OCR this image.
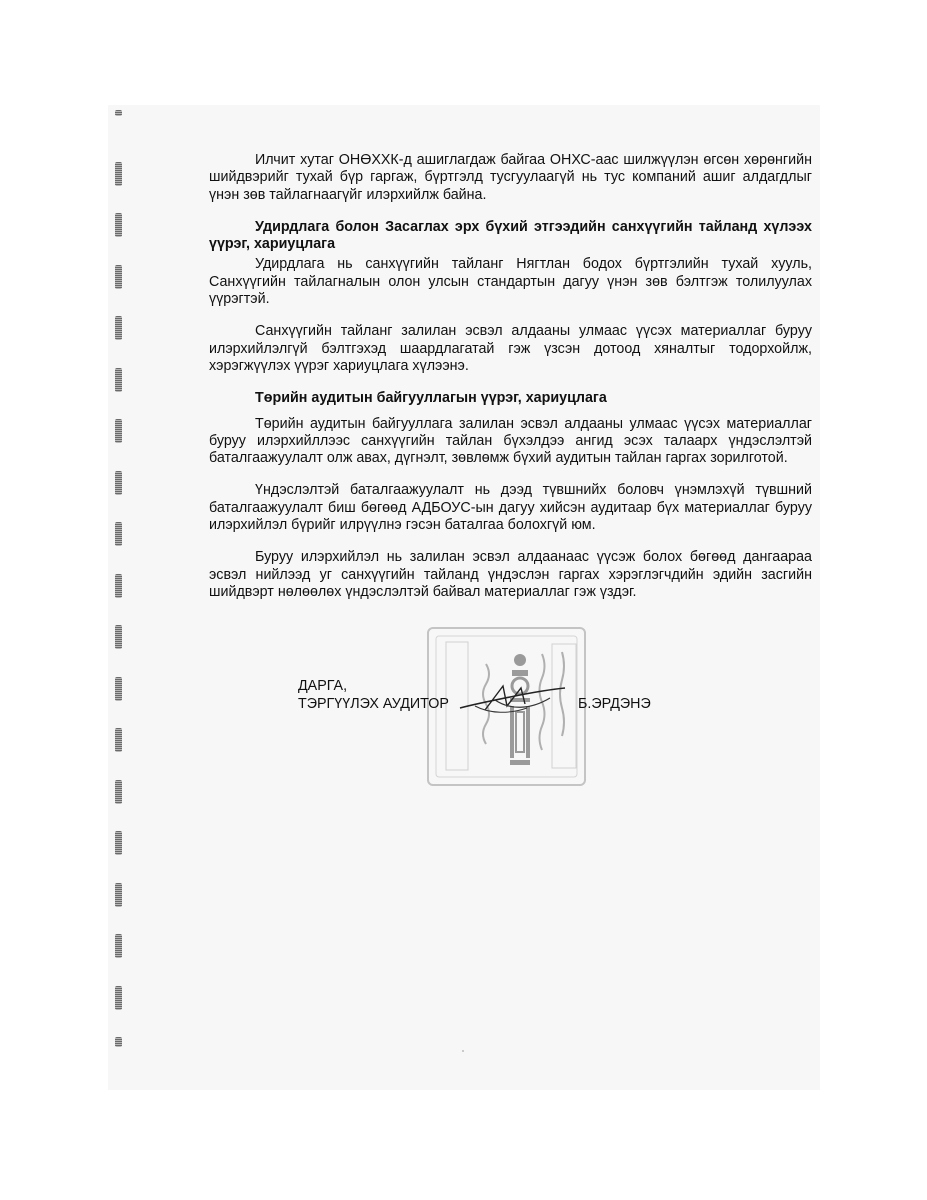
Илчит хутаг ОНӨХХК-д ашиглагдаж байгаа ОНХС-аас шилжүүлэн өгсөн хөрөнгийн шийдвэрийг тухай бүр гаргаж, бүртгэлд тусгуулаагүй нь тус компаний ашиг алдагдлыг үнэн зөв тайлагнаагүйг илэрхийлж байна.

Удирдлага болон Засаглах эрх бүхий этгээдийн санхүүгийн тайланд хүлээх үүрэг, хариуцлага

Удирдлага нь санхүүгийн тайланг Нягтлан бодох бүртгэлийн тухай хууль, Санхүүгийн тайлагналын олон улсын стандартын дагуу үнэн зөв бэлтгэж толилуулах үүрэгтэй.

Санхүүгийн тайланг залилан эсвэл алдааны улмаас үүсэх материаллаг буруу илэрхийлэлгүй бэлтгэхэд шаардлагатай гэж үзсэн дотоод хяналтыг тодорхойлж, хэрэгжүүлэх үүрэг хариуцлага хүлээнэ.

Төрийн аудитын байгууллагын үүрэг, хариуцлага

Төрийн аудитын байгууллага залилан эсвэл алдааны улмаас үүсэх материаллаг буруу илэрхийллээс санхүүгийн тайлан бүхэлдээ ангид эсэх талаарх үндэслэлтэй баталгаажуулалт олж авах, дүгнэлт, зөвлөмж бүхий аудитын тайлан гаргах зорилготой.

Үндэслэлтэй баталгаажуулалт нь дээд түвшнийх боловч үнэмлэхүй түвшний баталгаажуулалт биш бөгөөд АДБОУС-ын дагуу хийсэн аудитаар бүх материаллаг буруу илэрхийлэл бүрийг илрүүлнэ гэсэн баталгаа болохгүй юм.

Буруу илэрхийлэл нь залилан эсвэл алдаанаас үүсэж болох бөгөөд дангаараа эсвэл нийлээд уг санхүүгийн тайланд үндэслэн гаргах хэрэглэгчдийн эдийн засгийн шийдвэрт нөлөөлөх үндэслэлтэй байвал материаллаг гэж үздэг.

ДАРГА,
ТЭРГҮҮЛЭХ АУДИТОР	Б.ЭРДЭНЭ
